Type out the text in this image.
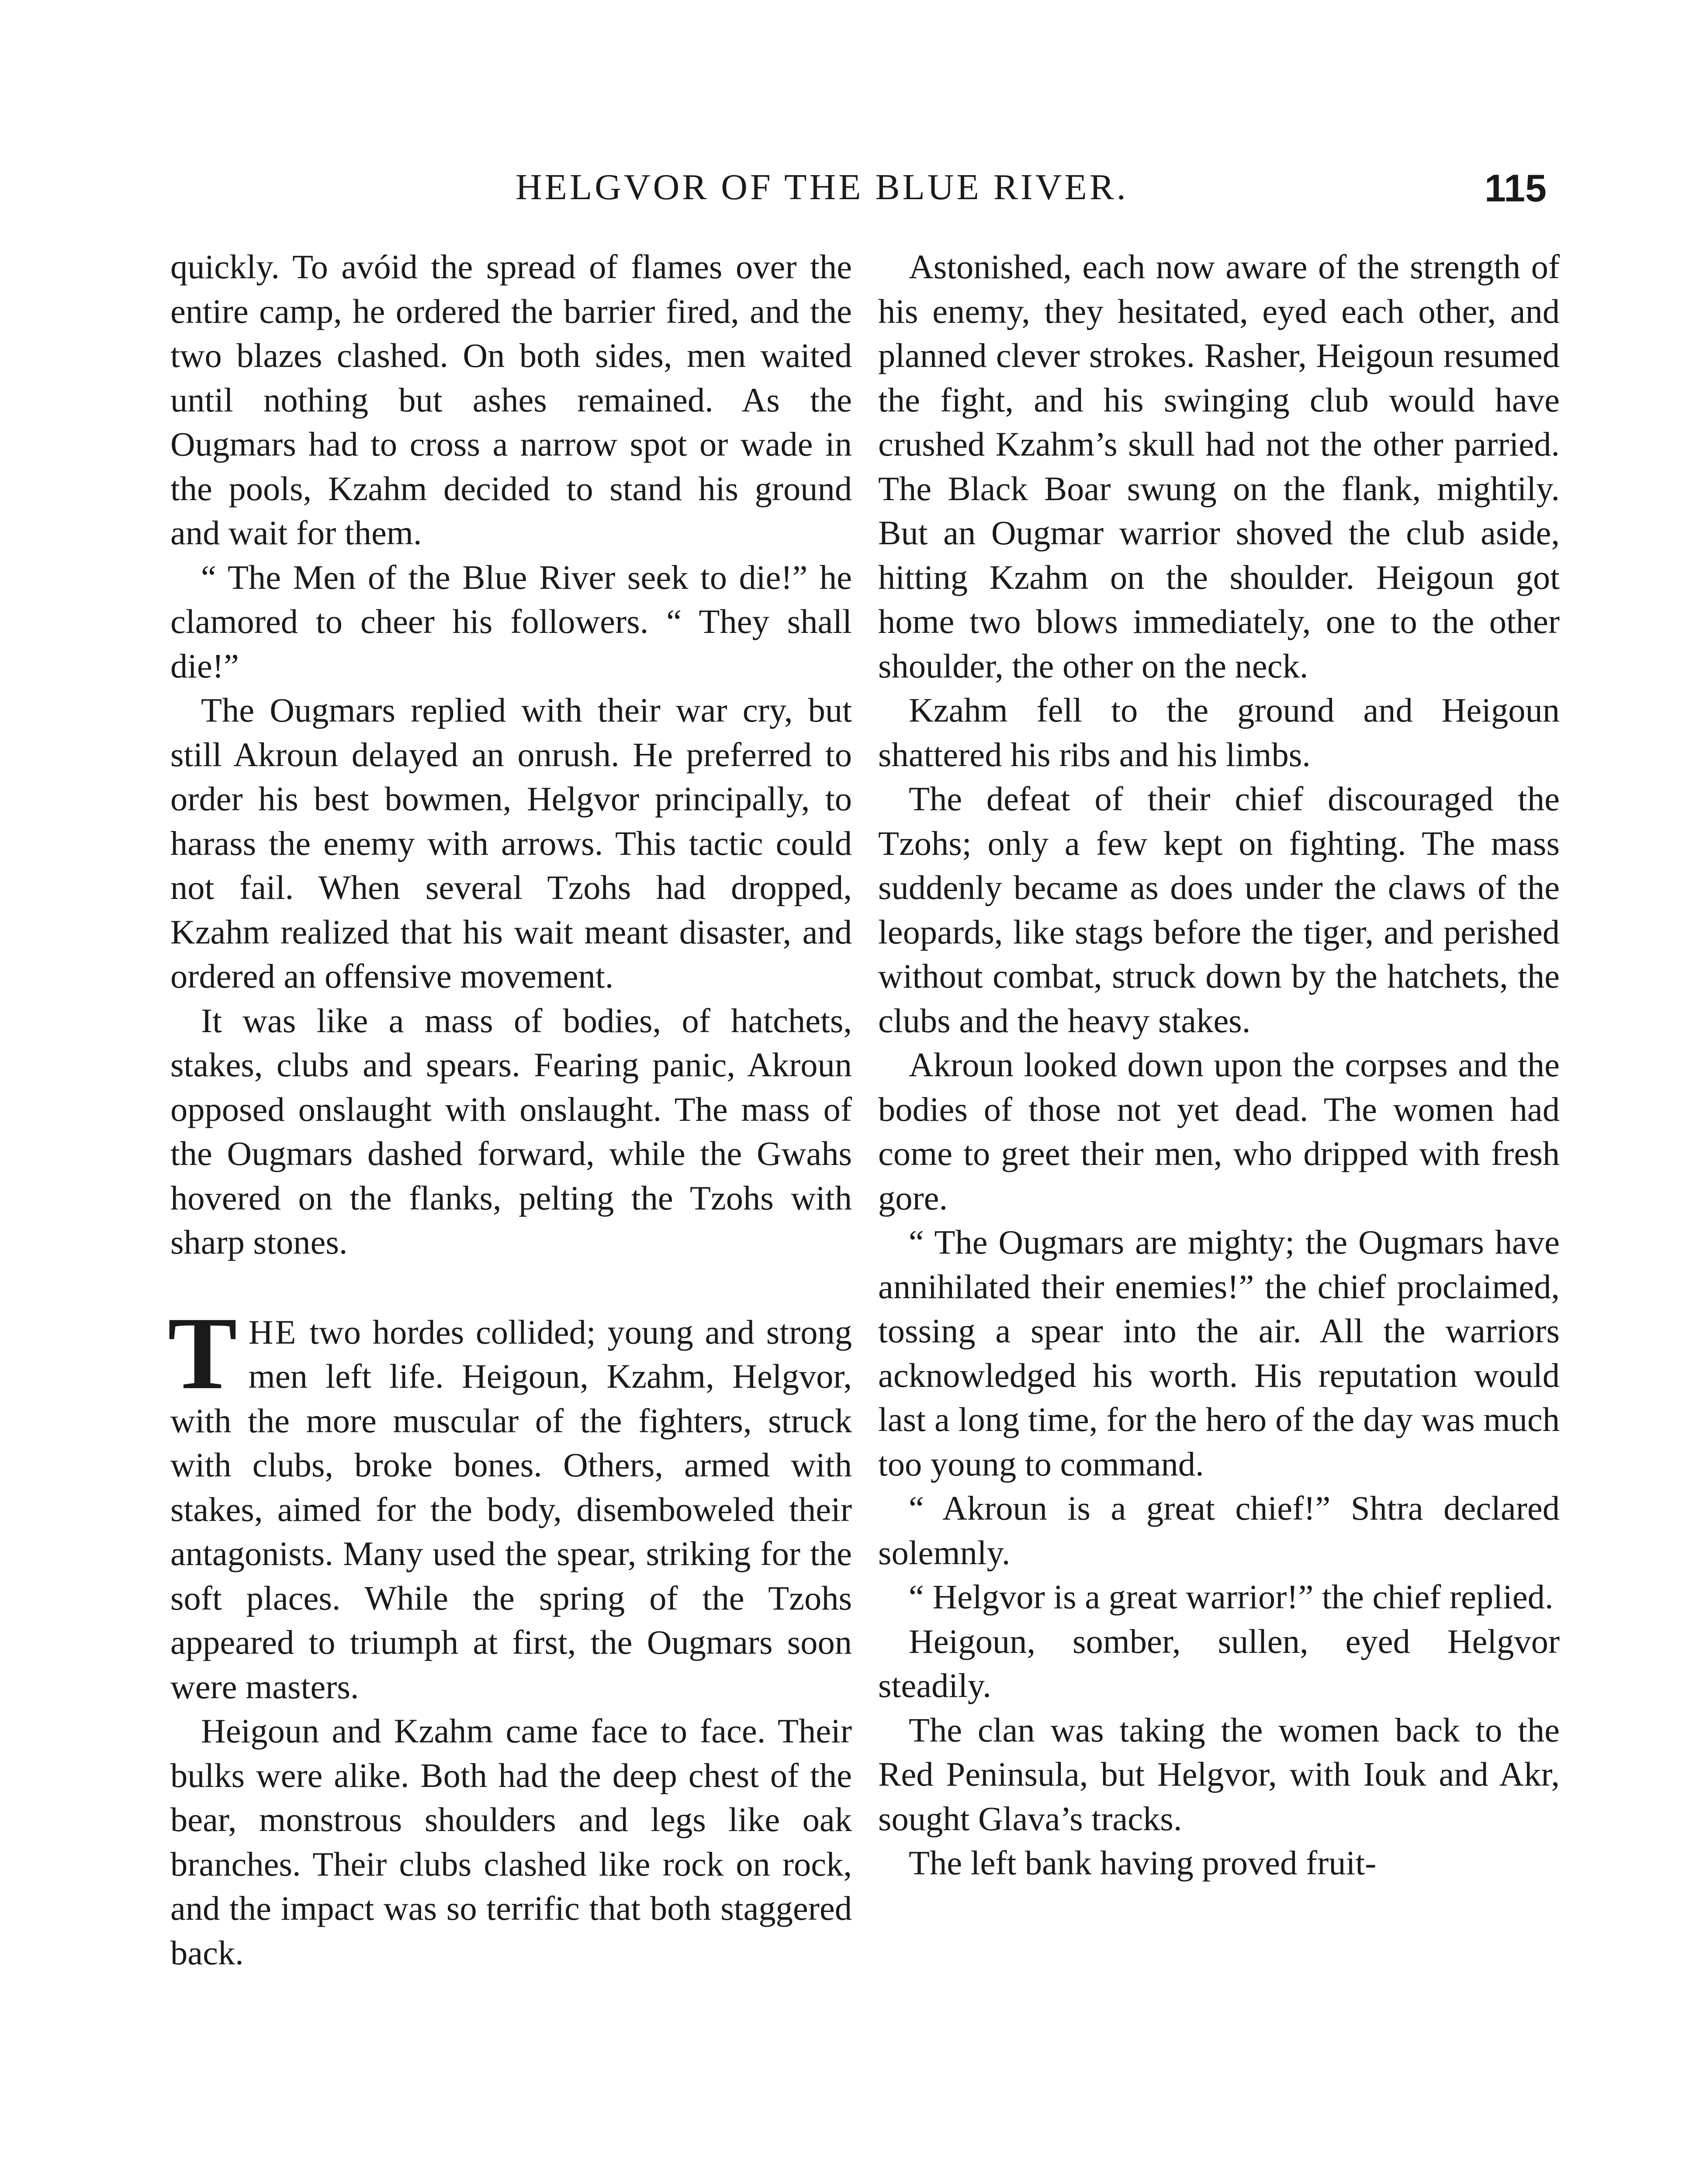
HELGVOR OF THE BLUE RIVER.	115

quickly. To avóid the spread of flames over the entire camp, he ordered the barrier fired, and the two blazes clashed. On both sides, men waited until nothing but ashes remained. As the Ougmars had to cross a narrow spot or wade in the pools, Kzahm decided to stand his ground and wait for them.

“ The Men of the Blue River seek to die!” he clamored to cheer his followers. “ They shall die!”

The Ougmars replied with their war cry, but still Akroun delayed an onrush. He preferred to order his best bowmen, Helgvor principally, to harass the enemy with arrows. This tactic could not fail. When several Tzohs had dropped, Kzahm realized that his wait meant disaster, and ordered an offensive movement.

It was like a mass of bodies, of hatchets, stakes, clubs and spears. Fearing panic, Akroun opposed onslaught with onslaught. The mass of the Ougmars dashed forward, while the Gwahs hovered on the flanks, pelting the Tzohs with sharp stones.

THE two hordes collided; young and strong men left life. Heigoun, Kzahm, Helgvor, with the more muscular of the fighters, struck with clubs, broke bones. Others, armed with stakes, aimed for the body, disemboweled their antagonists. Many used the spear, striking for the soft places. While the spring of the Tzohs appeared to triumph at first, the Ougmars soon were masters.

Heigoun and Kzahm came face to face. Their bulks were alike. Both had the deep chest of the bear, monstrous shoulders and legs like oak branches. Their clubs clashed like rock on rock, and the impact was so terrific that both staggered back.

Astonished, each now aware of the strength of his enemy, they hesitated, eyed each other, and planned clever strokes. Rasher, Heigoun resumed the fight, and his swinging club would have crushed Kzahm’s skull had not the other parried. The Black Boar swung on the flank, mightily. But an Ougmar warrior shoved the club aside, hitting Kzahm on the shoulder. Heigoun got home two blows immediately, one to the other shoulder, the other on the neck.

Kzahm fell to the ground and Heigoun shattered his ribs and his limbs.

The defeat of their chief discouraged the Tzohs; only a few kept on fighting. The mass suddenly became as does under the claws of the leopards, like stags before the tiger, and perished without combat, struck down by the hatchets, the clubs and the heavy stakes.

Akroun looked down upon the corpses and the bodies of those not yet dead. The women had come to greet their men, who dripped with fresh gore.

“ The Ougmars are mighty; the Ougmars have annihilated their enemies!” the chief proclaimed, tossing a spear into the air. All the warriors acknowledged his worth. His reputation would last a long time, for the hero of the day was much too young to command.

“ Akroun is a great chief!” Shtra declared solemnly.

“ Helgvor is a great warrior!” the chief replied.

Heigoun, somber, sullen, eyed Helgvor steadily.

The clan was taking the women back to the Red Peninsula, but Helgvor, with Iouk and Akr, sought Glava’s tracks.

The left bank having proved fruit-
